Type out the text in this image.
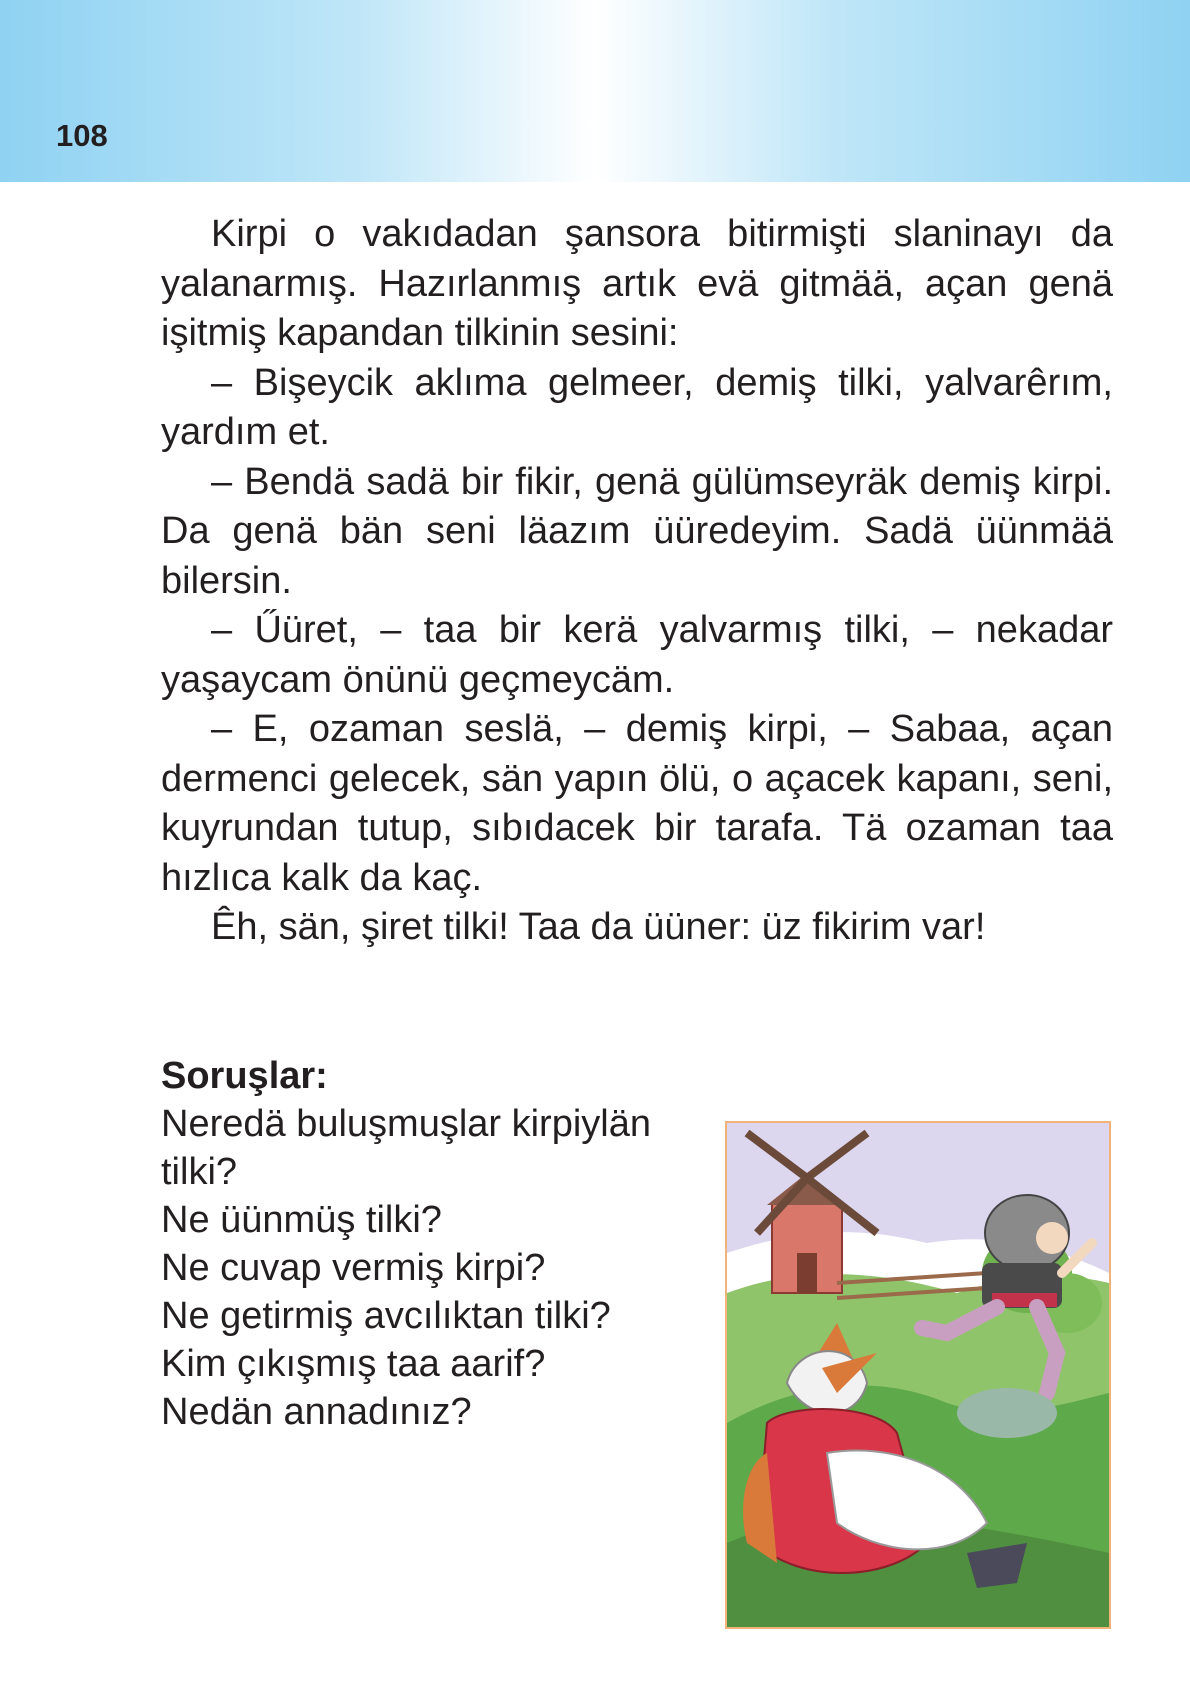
108

Kirpi o vakıdadan şansora bitirmişti slaninayı da yalanarmış. Hazırlanmış artık evä gitmää, açan genä işitmiş kapandan tilkinin sesini:

– Bişeycik aklıma gelmeer, demiş tilki, yalvarêrım, yardım et.

– Bendä sadä bir fikir, genä gülümseyräk demiş kirpi. Da genä bän seni läazım üüredeyim. Sadä üünmää bilersin.

– Űüret, – taa bir kerä yalvarmış tilki, – nekadar yaşaycam önünü geçmeycäm.

– E, ozaman seslä, – demiş kirpi, – Sabaa, açan dermenci gelecek, sän yapın ölü, o açacek kapanı, seni, kuyrundan tutup, sıbıdacek bir tarafa. Tä ozaman taa hızlıca kalk da kaç.

Êh, sän, şiret tilki! Taa da üüner: üz fikirim var!

Soruşlar:

Neredä buluşmuşlar kirpiylän tilki?

Ne üünmüş tilki?

Ne cuvap vermiş kirpi?

Ne getirmiş avcılıktan tilki?

Kim çıkışmış taa aarif?

Nedän annadınız?
